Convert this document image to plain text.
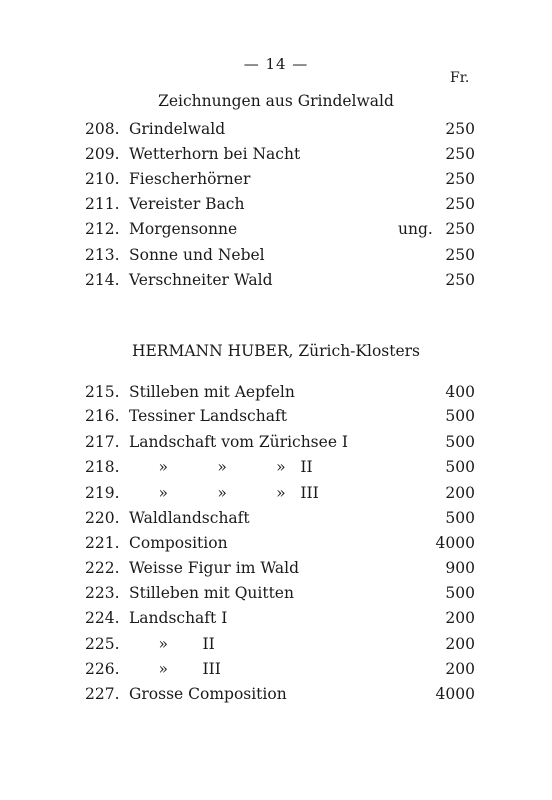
— 14 —
Fr.
Zeichnungen aus Grindelwald
208. Grindelwald	250
209. Wetterhorn bei Nacht	250
210. Fiescherhörner	250
211. Vereister Bach	250
212. Morgensonne	ung. 250
213. Sonne und Nebel	250
214. Verschneiter Wald	250
HERMANN HUBER, Zürich-Klosters
215. Stilleben mit Aepfeln	400
216. Tessiner Landschaft	500
217. Landschaft vom Zürichsee I	500
218. »          »          »   II	500
219. »          »          »   III	200
220. Waldlandschaft	500
221. Composition	4000
222. Weisse Figur im Wald	900
223. Stilleben mit Quitten	500
224. Landschaft I	200
225. »       II	200
226. »       III	200
227. Grosse Composition	4000
